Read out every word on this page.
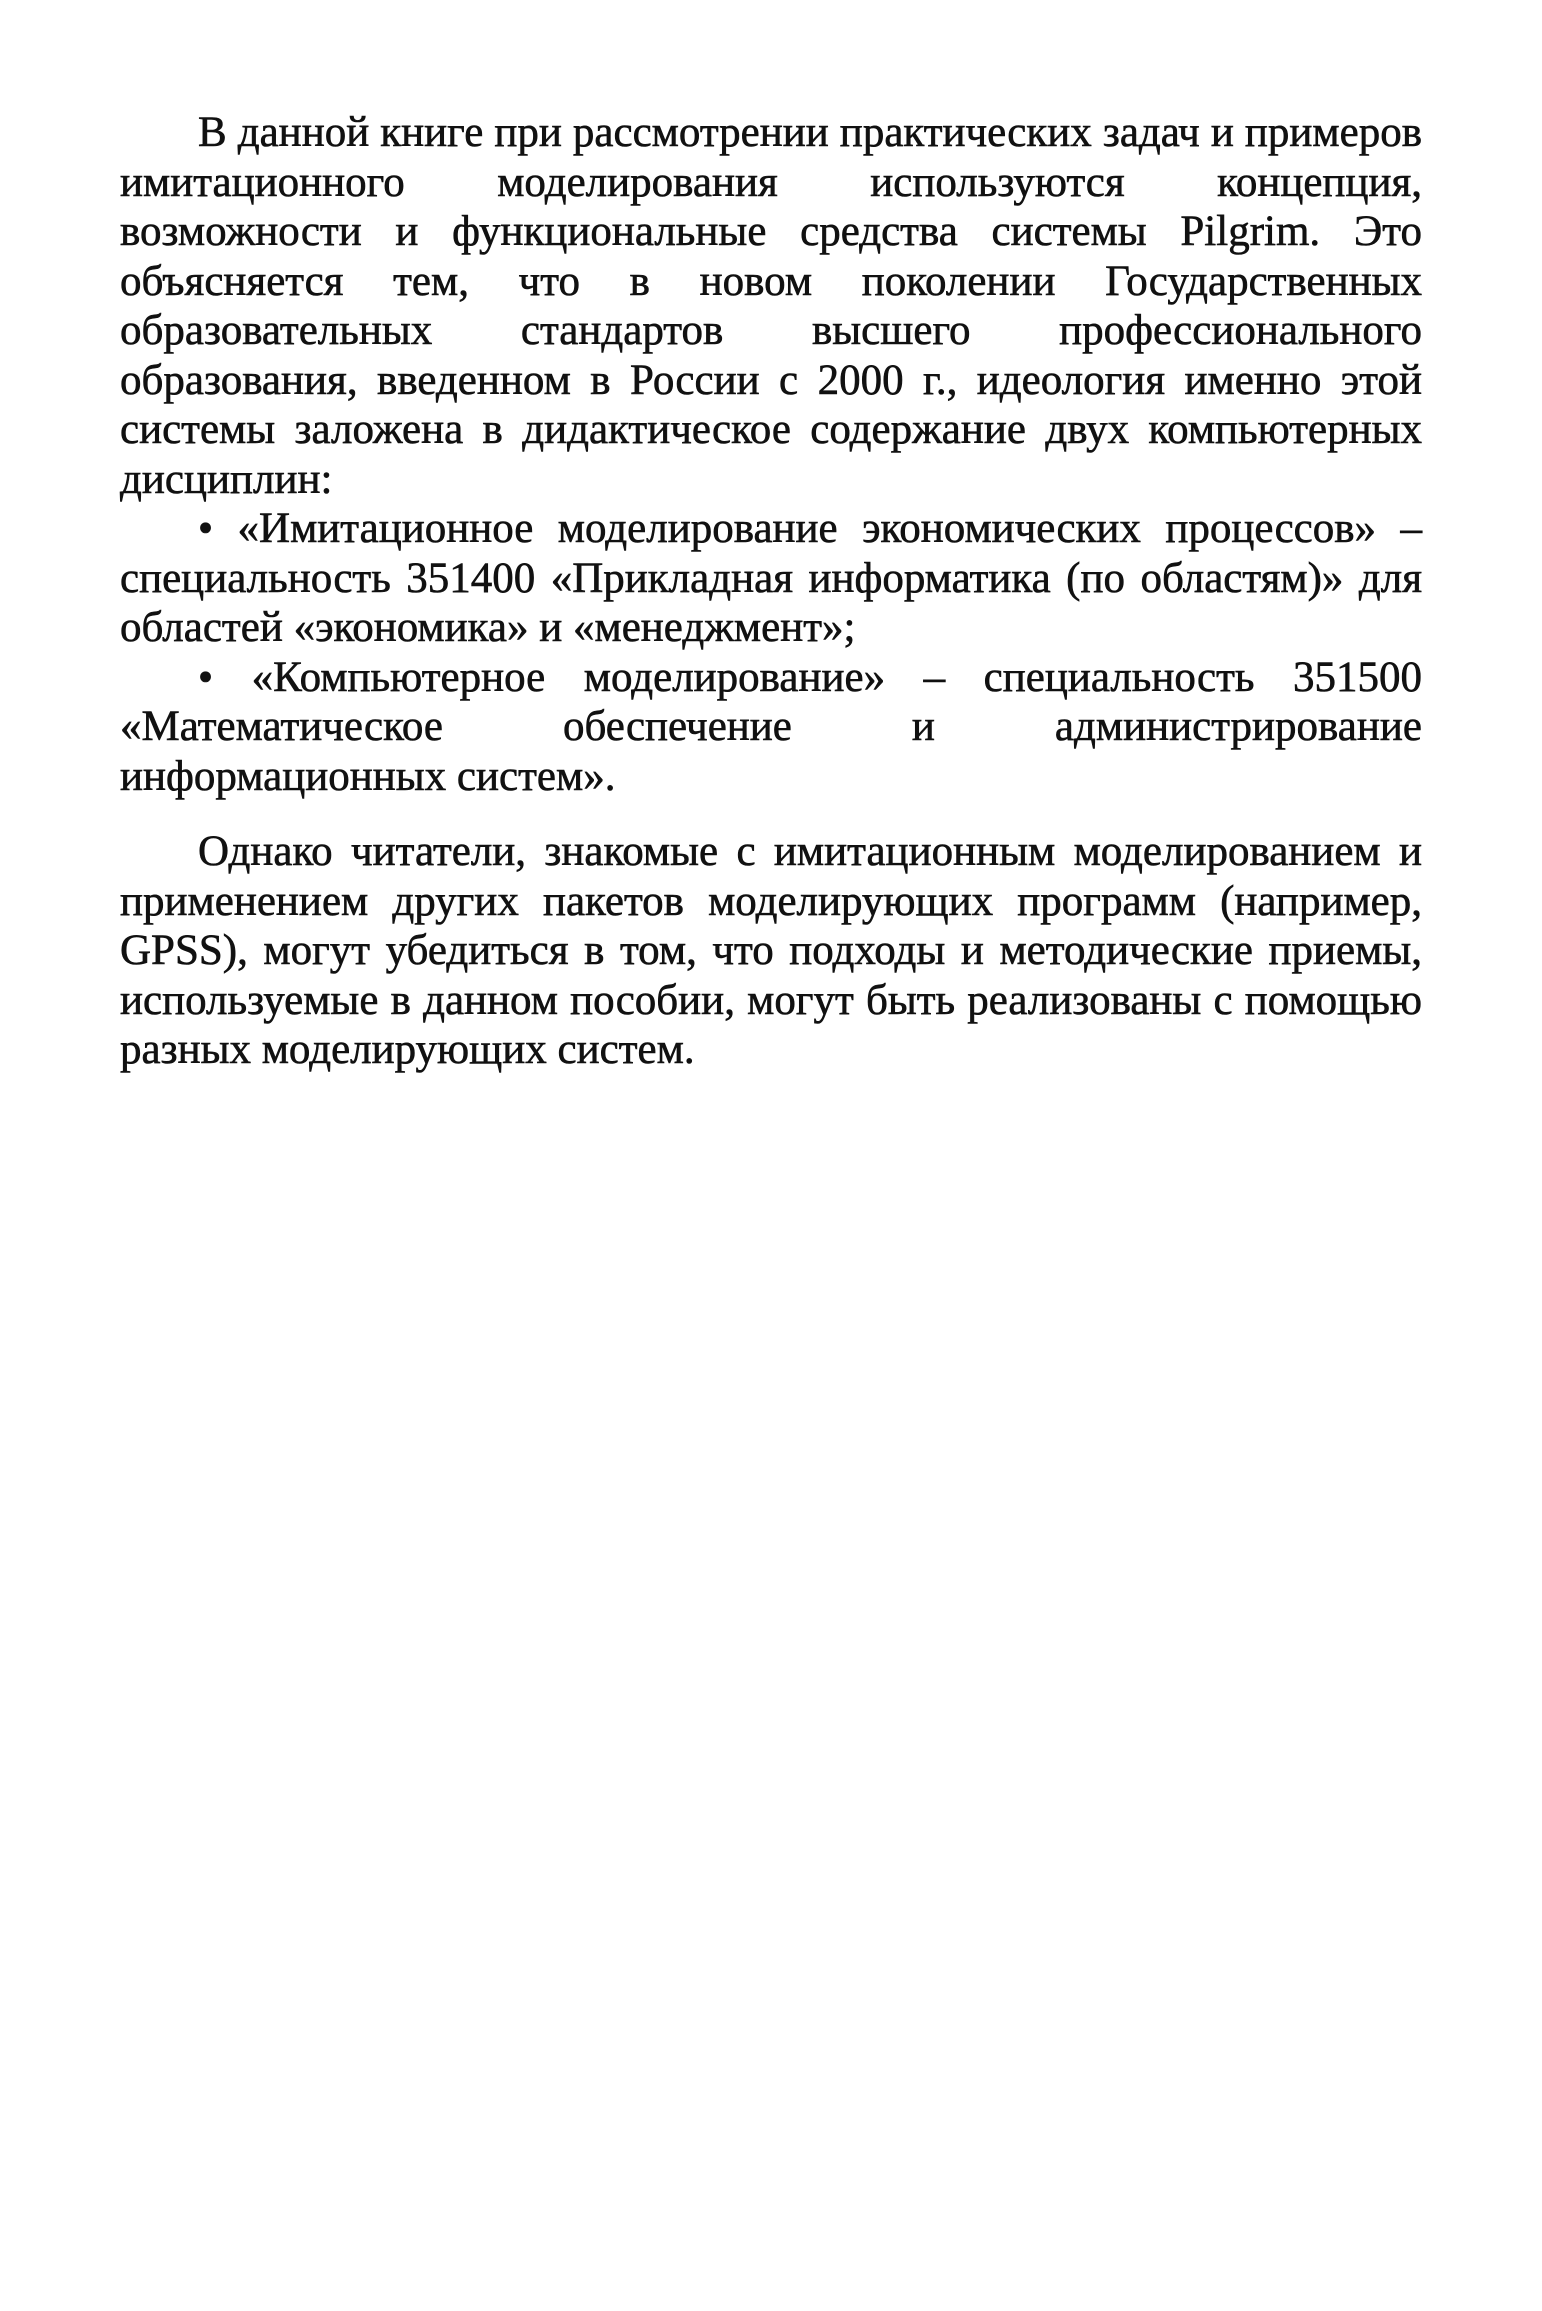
В данной книге при рассмотрении практических задач и примеров имитационного моделирования используются концепция, возможности и функциональные средства системы Pilgrim. Это объясняется тем, что в новом поколении Государственных образовательных стандартов высшего профессионального образования, введенном в России с 2000 г., идеология именно этой системы заложена в дидактическое содержание двух компьютерных дисциплин:

• «Имитационное моделирование экономических процессов» – специальность 351400 «Прикладная информатика (по областям)» для областей «экономика» и «менеджмент»;
• «Компьютерное моделирование» – специальность 351500 «Математическое обеспечение и администрирование информационных систем».

Однако читатели, знакомые с имитационным моделированием и применением других пакетов моделирующих программ (например, GPSS), могут убедиться в том, что подходы и методические приемы, используемые в данном пособии, могут быть реализованы с помощью разных моделирующих систем.
